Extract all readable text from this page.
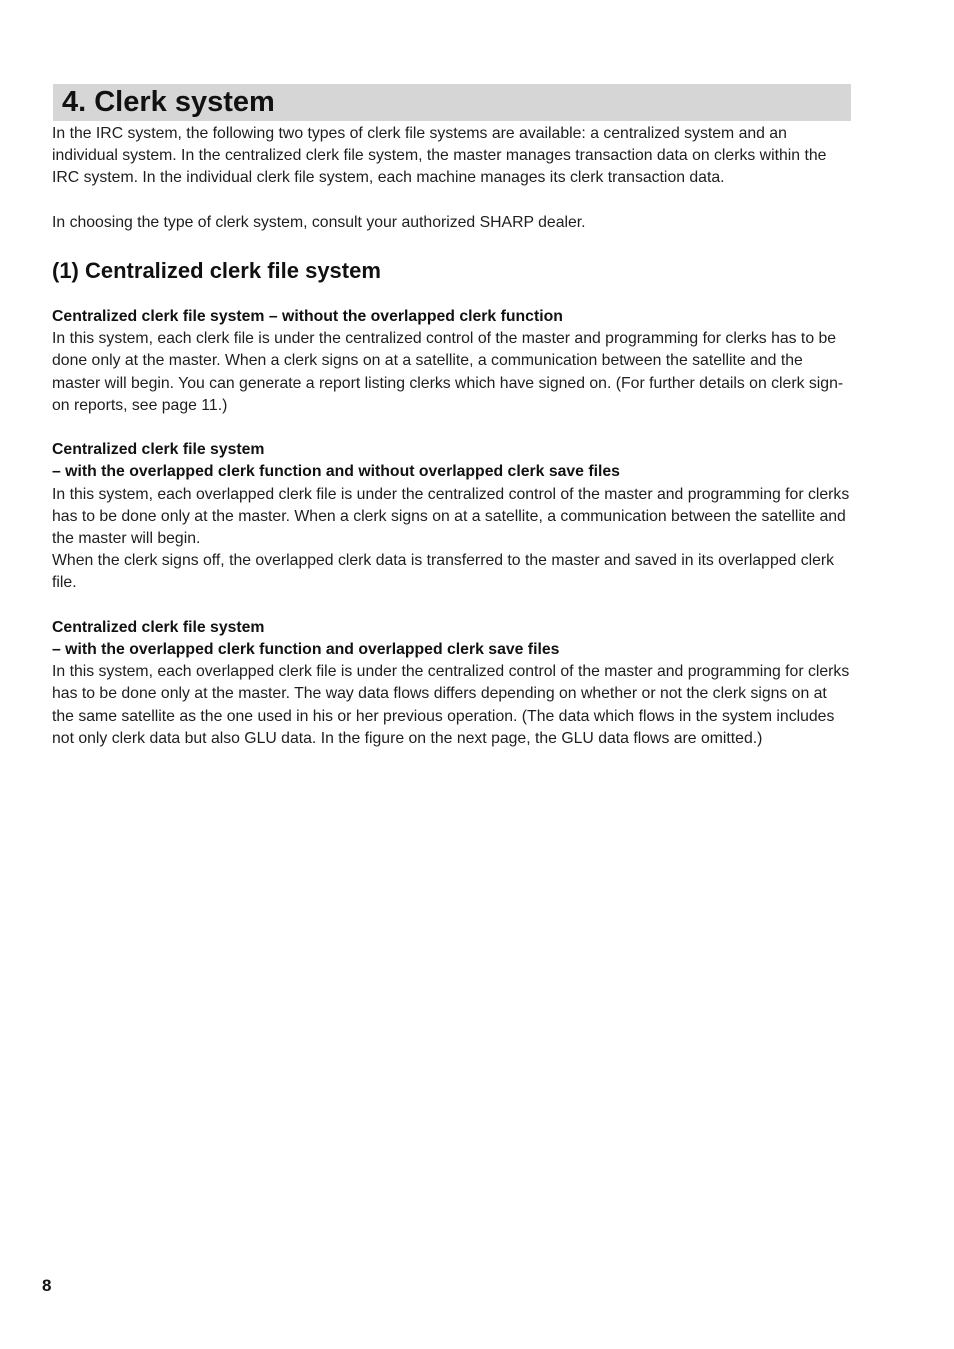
4. Clerk system

In the IRC system, the following two types of clerk file systems are available: a centralized system and an individual system. In the centralized clerk file system, the master manages transaction data on clerks within the IRC system. In the individual clerk file system, each machine manages its clerk transaction data.

In choosing the type of clerk system, consult your authorized SHARP dealer.

(1) Centralized clerk file system

Centralized clerk file system – without the overlapped clerk function

In this system, each clerk file is under the centralized control of the master and programming for clerks has to be done only at the master. When a clerk signs on at a satellite, a communication between the satellite and the master will begin. You can generate a report listing clerks which have signed on. (For further details on clerk sign-on reports, see page 11.)

Centralized clerk file system

– with the overlapped clerk function and without overlapped clerk save files

In this system, each overlapped clerk file is under the centralized control of the master and programming for clerks has to be done only at the master. When a clerk signs on at a satellite, a communication between the satellite and the master will begin.

When the clerk signs off, the overlapped clerk data is transferred to the master and saved in its overlapped clerk file.

Centralized clerk file system

– with the overlapped clerk function and overlapped clerk save files

In this system, each overlapped clerk file is under the centralized control of the master and programming for clerks has to be done only at the master. The way data flows differs depending on whether or not the clerk signs on at the same satellite as the one used in his or her previous operation. (The data which flows in the system includes not only clerk data but also GLU data. In the figure on the next page, the GLU data flows are omitted.)

8
